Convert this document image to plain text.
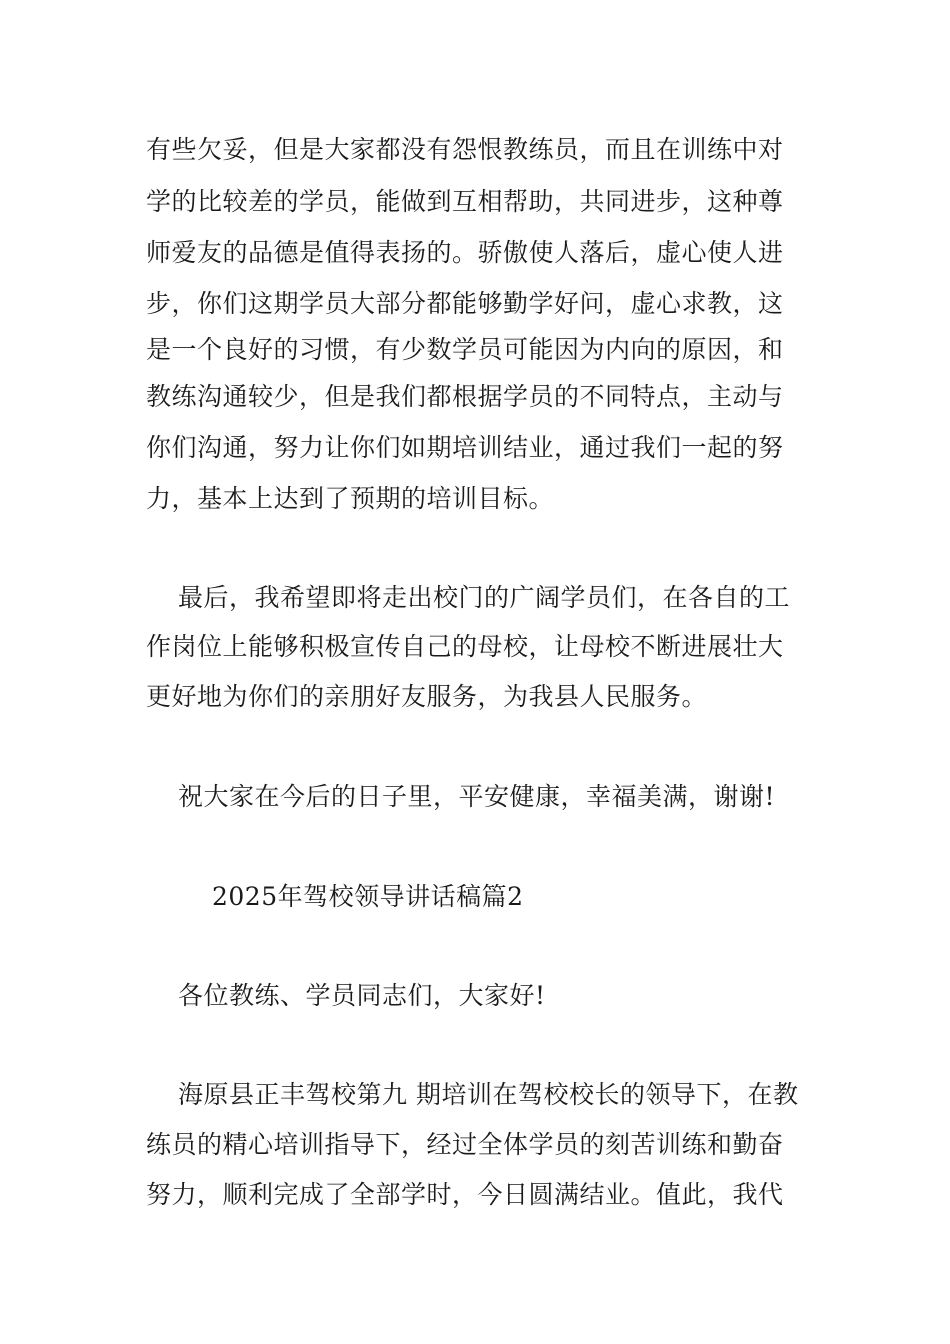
有些欠妥，但是大家都没有怨恨教练员，而且在训练中对
学的比较差的学员，能做到互相帮助，共同进步，这种尊
师爱友的品德是值得表扬的。骄傲使人落后，虚心使人进
步，你们这期学员大部分都能够勤学好问，虚心求教，这
是一个良好的习惯，有少数学员可能因为内向的原因，和
教练沟通较少，但是我们都根据学员的不同特点，主动与
你们沟通，努力让你们如期培训结业，通过我们一起的努
力，基本上达到了预期的培训目标。
最后，我希望即将走出校门的广阔学员们，在各自的工
作岗位上能够积极宣传自己的母校，让母校不断进展壮大
更好地为你们的亲朋好友服务，为我县人民服务。
祝大家在今后的日子里，平安健康，幸福美满，谢谢!
2025年驾校领导讲话稿篇2
各位教练、学员同志们，大家好!
海原县正丰驾校第九 期培训在驾校校长的领导下，在教
练员的精心培训指导下，经过全体学员的刻苦训练和勤奋
努力，顺利完成了全部学时，今日圆满结业。值此，我代
